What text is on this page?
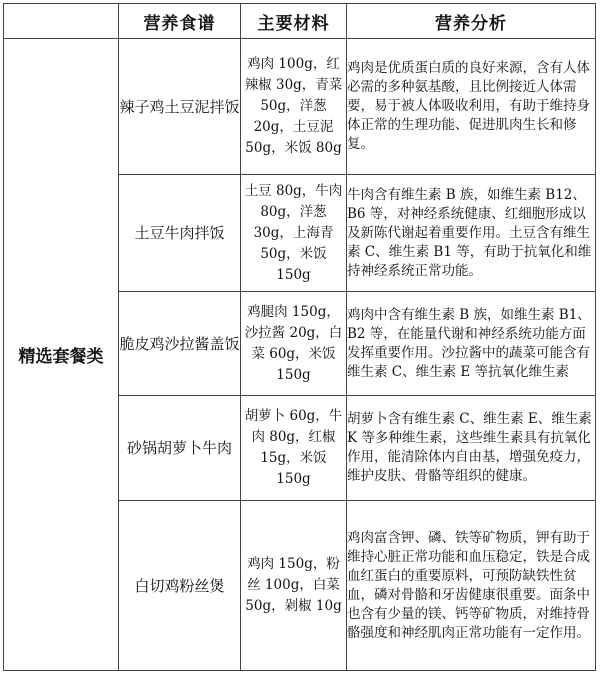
	营养食谱	主要材料	营养分析
精选套餐类	辣子鸡土豆泥拌饭	鸡肉 100g，红辣椒 30g，青菜 50g，洋葱 20g，土豆泥 50g，米饭 80g	鸡肉是优质蛋白质的良好来源，含有人体必需的多种氨基酸，且比例接近人体需要，易于被人体吸收利用，有助于维持身体正常的生理功能、促进肌肉生长和修复。
	土豆牛肉拌饭	土豆 80g，牛肉 80g，洋葱 30g，上海青 50g，米饭 150g	牛肉含有维生素 B 族，如维生素 B12、B6 等，对神经系统健康、红细胞形成以及新陈代谢起着重要作用。土豆含有维生素 C、维生素 B1 等，有助于抗氧化和维持神经系统正常功能。
	脆皮鸡沙拉酱盖饭	鸡腿肉 150g，沙拉酱 20g，白菜 60g，米饭 150g	鸡肉中含有维生素 B 族，如维生素 B1、B2 等，在能量代谢和神经系统功能方面发挥重要作用。沙拉酱中的蔬菜可能含有维生素 C、维生素 E 等抗氧化维生素
	砂锅胡萝卜牛肉	胡萝卜 60g，牛肉 80g，红椒 15g，米饭 150g	胡萝卜含有维生素 C、维生素 E、维生素 K 等多种维生素，这些维生素具有抗氧化作用，能清除体内自由基，增强免疫力，维护皮肤、骨骼等组织的健康。
	白切鸡粉丝煲	鸡肉 150g，粉丝 100g，白菜 50g，剁椒 10g	鸡肉富含钾、磷、铁等矿物质，钾有助于维持心脏正常功能和血压稳定，铁是合成血红蛋白的重要原料，可预防缺铁性贫血，磷对骨骼和牙齿健康很重要。面条中也含有少量的镁、钙等矿物质，对维持骨骼强度和神经肌肉正常功能有一定作用。
